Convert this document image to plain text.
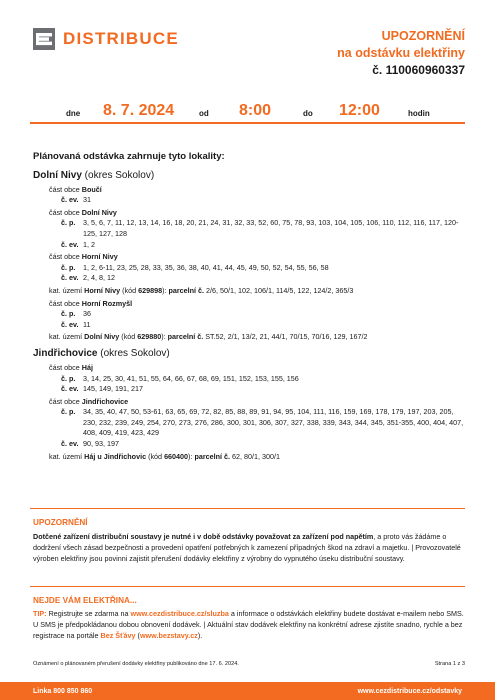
DISTRIBUCE	UPOZORNĚNÍ
na odstávku elektřiny
č. 110060960337
dne 8. 7. 2024	od 8:00	do 12:00	hodin
Plánovaná odstávka zahrnuje tyto lokality:
Dolní Nivy (okres Sokolov)
část obce Boučí
č. ev. 31
část obce Dolní Nivy
č. p.	3, 5, 6, 7, 11, 12, 13, 14, 16, 18, 20, 21, 24, 31, 32, 33, 52, 60, 75, 78, 93, 103, 104, 105, 106, 110, 112, 116, 117, 120-125, 127, 128
č. ev. 1, 2
část obce Horní Nivy
č. p.	1, 2, 6-11, 23, 25, 28, 33, 35, 36, 38, 40, 41, 44, 45, 49, 50, 52, 54, 55, 56, 58
č. ev. 2, 4, 8, 12
kat. území Horní Nivy (kód 629898): parcelní č. 2/6, 50/1, 102, 106/1, 114/5, 122, 124/2, 365/3
část obce Horní Rozmyšl
č. p.	36
č. ev. 11
kat. území Dolní Nivy (kód 629880): parcelní č. ST.52, 2/1, 13/2, 21, 44/1, 70/15, 70/16, 129, 167/2
Jindřichovice (okres Sokolov)
část obce Háj
č. p.	3, 14, 25, 30, 41, 51, 55, 64, 66, 67, 68, 69, 151, 152, 153, 155, 156
č. ev. 145, 149, 191, 217
část obce Jindřichovice
č. p.	34, 35, 40, 47, 50, 53-61, 63, 65, 69, 72, 82, 85, 88, 89, 91, 94, 95, 104, 111, 116, 159, 169, 178, 179, 197, 203, 205, 230, 232, 239, 249, 254, 270, 273, 276, 286, 300, 301, 306, 307, 327, 338, 339, 343, 344, 345, 351-355, 400, 404, 407, 408, 409, 419, 423, 429
č. ev. 90, 93, 197
kat. území Háj u Jindřichovic (kód 660400): parcelní č. 62, 80/1, 300/1
UPOZORNĚNÍ
Dotčené zařízení distribuční soustavy je nutné i v době odstávky považovat za zařízení pod napětím, a proto vás žádáme o dodržení všech zásad bezpečnosti a provedení opatření potřebných k zamezení případných škod na zdraví a majetku. | Provozovatelé výroben elektřiny jsou povinni zajistit přerušení dodávky elektřiny z výrobny do vypnutého úseku distribuční soustavy.
NEJDE VÁM ELEKTŘINA...
TIP: Registrujte se zdarma na www.cezdistribuce.cz/sluzba a informace o odstávkách elektřiny budete dostávat e-mailem nebo SMS. U SMS je předpokládanou dobou obnovení dodávek. | Aktuální stav dodávek elektřiny na konkrétní adrese zjistíte snadno, rychle a bez registrace na portále Bez Šťávy (www.bezstavy.cz).
Oznámení o plánovaném přerušení dodávky elektřiny publikováno dne 17. 6. 2024.	Strana 1 z 3
Linka 800 850 860	www.cezdistribuce.cz/odstavky
